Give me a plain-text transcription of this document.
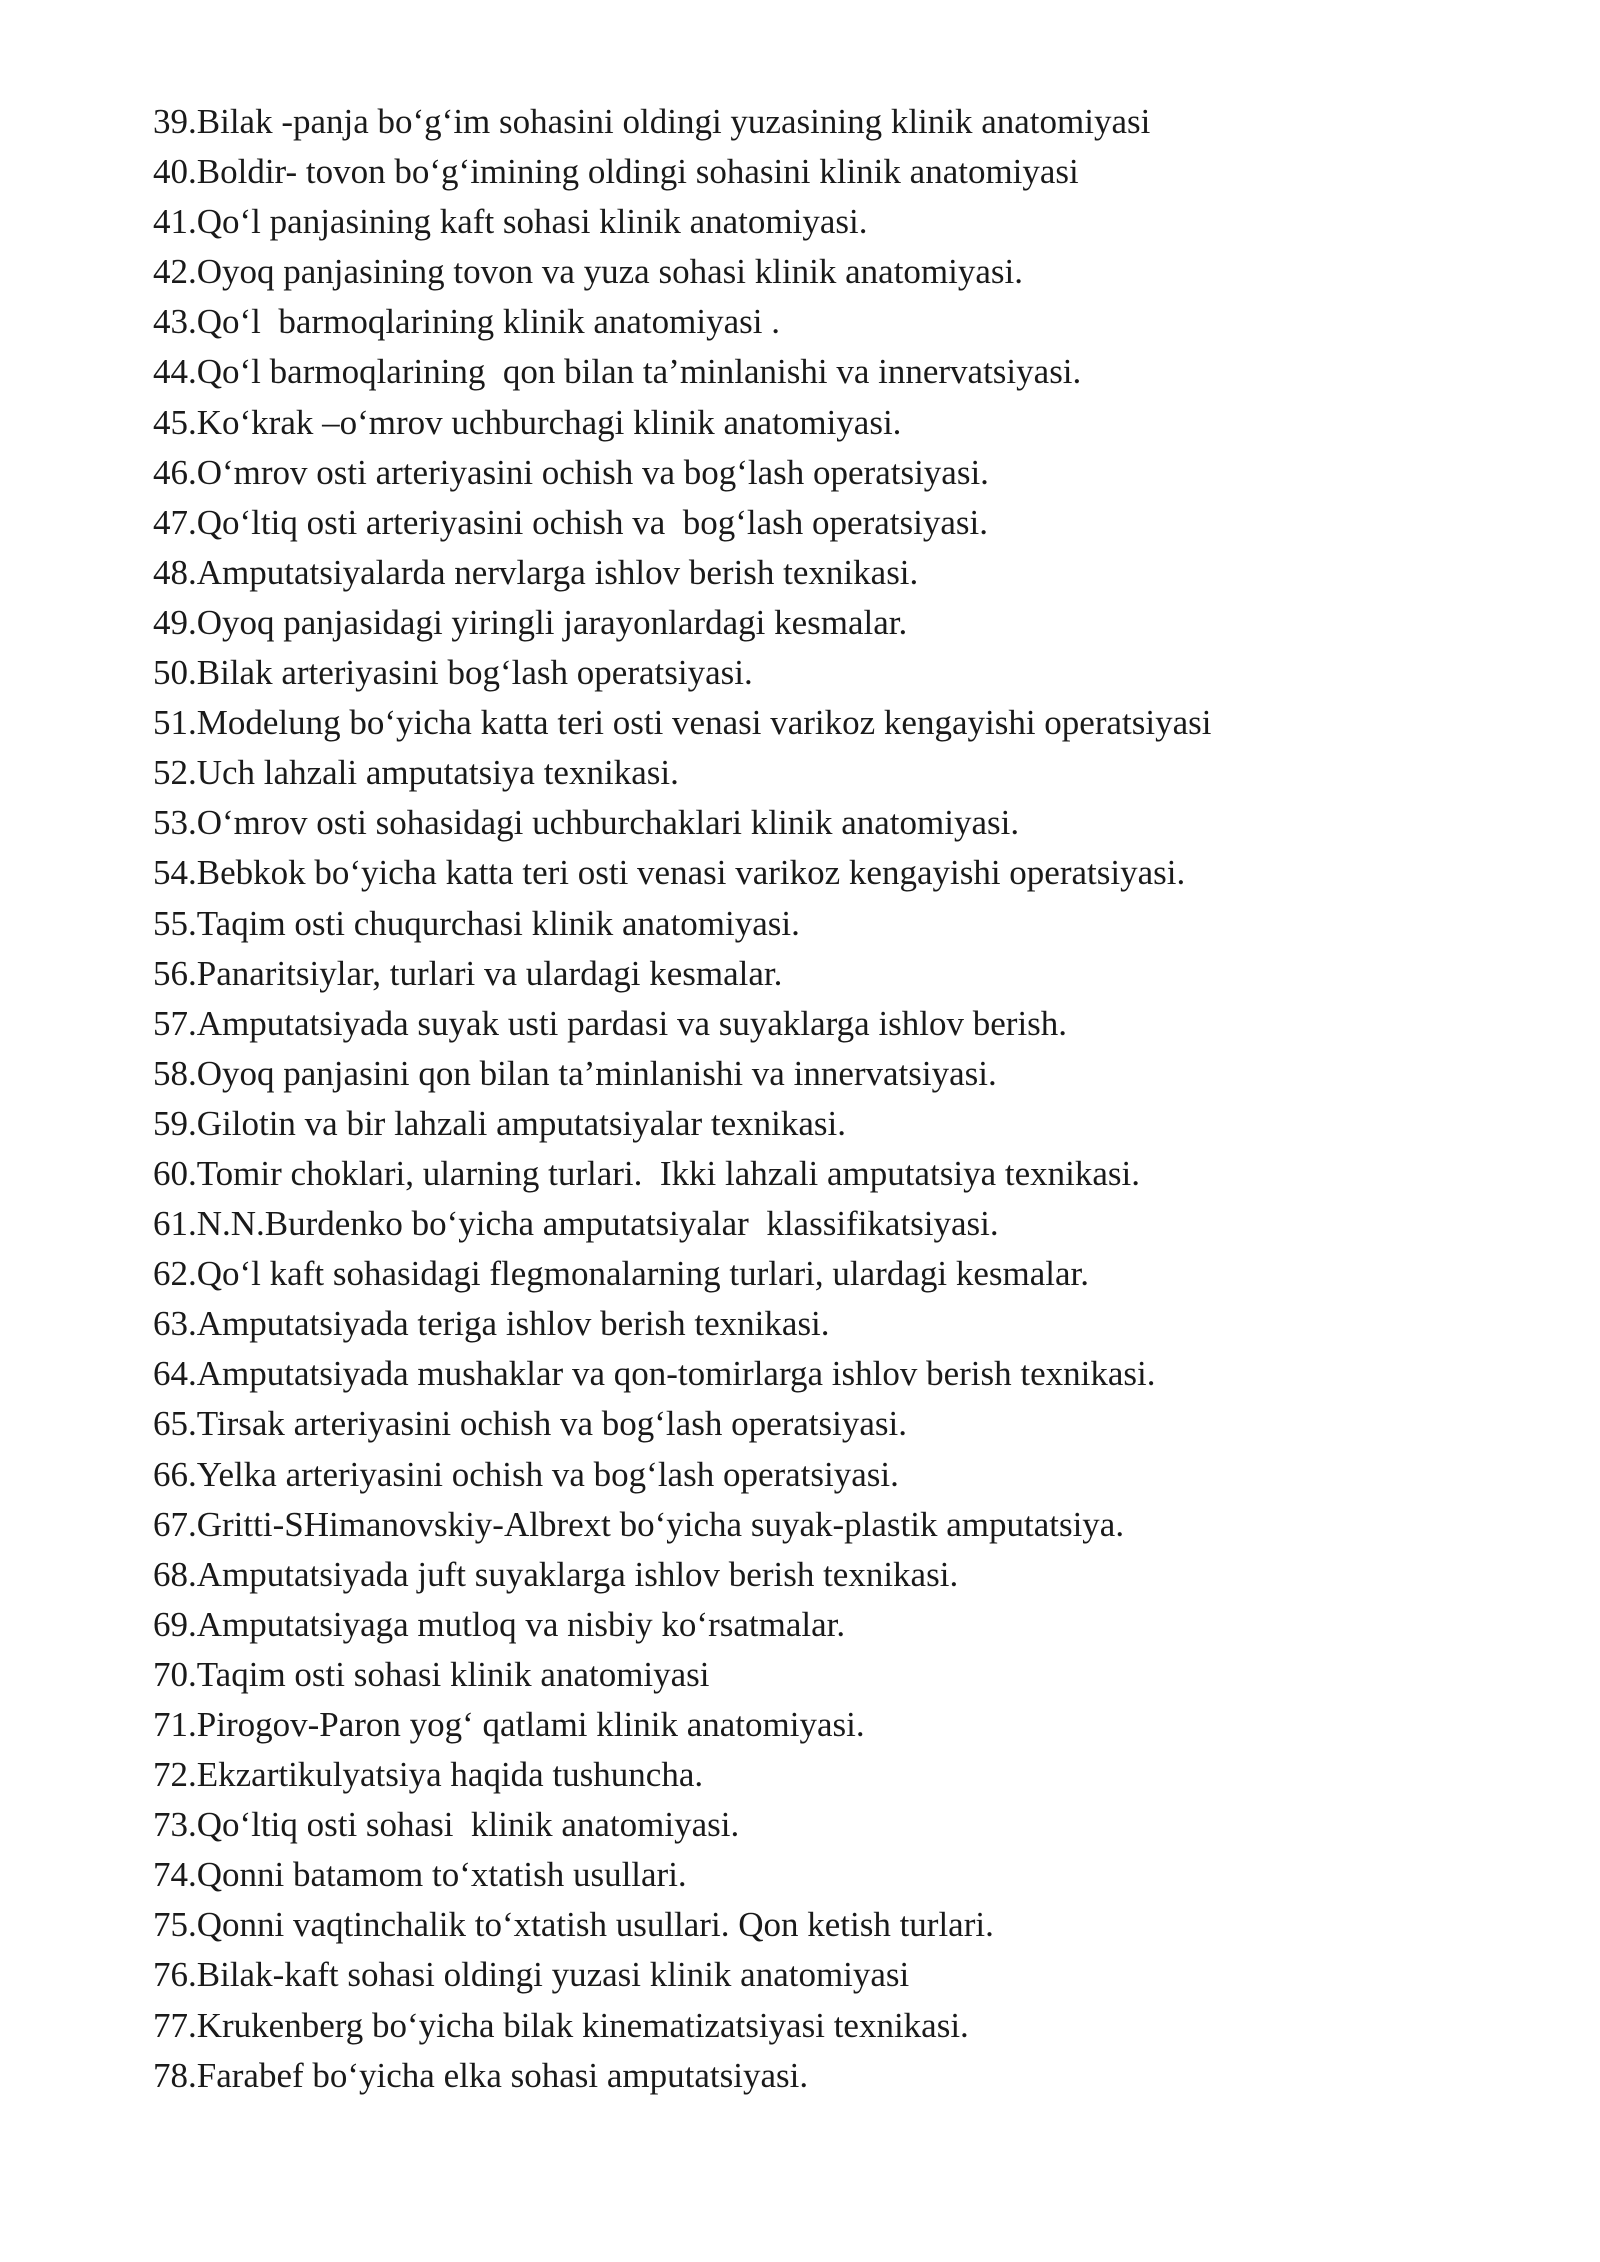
39.Bilak -panja bo‘g‘im sohasini oldingi yuzasining klinik anatomiyasi
40.Boldir- tovon bo‘g‘imining oldingi sohasini klinik anatomiyasi
41.Qo‘l panjasining kaft sohasi klinik anatomiyasi.
42.Oyoq panjasining tovon va yuza sohasi klinik anatomiyasi.
43.Qo‘l  barmoqlarining klinik anatomiyasi .
44.Qo‘l barmoqlarining  qon bilan ta’minlanishi va innervatsiyasi.
45.Ko‘krak –o‘mrov uchburchagi klinik anatomiyasi.
46.O‘mrov osti arteriyasini ochish va bog‘lash operatsiyasi.
47.Qo‘ltiq osti arteriyasini ochish va  bog‘lash operatsiyasi.
48.Amputatsiyalarda nervlarga ishlov berish texnikasi.
49.Oyoq panjasidagi yiringli jarayonlardagi kesmalar.
50.Bilak arteriyasini bog‘lash operatsiyasi.
51.Modelung bo‘yicha katta teri osti venasi varikoz kengayishi operatsiyasi
52.Uch lahzali amputatsiya texnikasi.
53.O‘mrov osti sohasidagi uchburchaklari klinik anatomiyasi.
54.Bebkok bo‘yicha katta teri osti venasi varikoz kengayishi operatsiyasi.
55.Taqim osti chuqurchasi klinik anatomiyasi.
56.Panaritsiylar, turlari va ulardagi kesmalar.
57.Amputatsiyada suyak usti pardasi va suyaklarga ishlov berish.
58.Oyoq panjasini qon bilan ta’minlanishi va innervatsiyasi.
59.Gilotin va bir lahzali amputatsiyalar texnikasi.
60.Tomir choklari, ularning turlari.  Ikki lahzali amputatsiya texnikasi.
61.N.N.Burdenko bo‘yicha amputatsiyalar  klassifikatsiyasi.
62.Qo‘l kaft sohasidagi flegmonalarning turlari, ulardagi kesmalar.
63.Amputatsiyada teriga ishlov berish texnikasi.
64.Amputatsiyada mushaklar va qon-tomirlarga ishlov berish texnikasi.
65.Tirsak arteriyasini ochish va bog‘lash operatsiyasi.
66.Yelka arteriyasini ochish va bog‘lash operatsiyasi.
67.Gritti-SHimanovskiy-Albrext bo‘yicha suyak-plastik amputatsiya.
68.Amputatsiyada juft suyaklarga ishlov berish texnikasi.
69.Amputatsiyaga mutloq va nisbiy ko‘rsatmalar.
70.Taqim osti sohasi klinik anatomiyasi
71.Pirogov-Paron yog‘ qatlami klinik anatomiyasi.
72.Ekzartikulyatsiya haqida tushuncha.
73.Qo‘ltiq osti sohasi  klinik anatomiyasi.
74.Qonni batamom to‘xtatish usullari.
75.Qonni vaqtinchalik to‘xtatish usullari. Qon ketish turlari.
76.Bilak-kaft sohasi oldingi yuzasi klinik anatomiyasi
77.Krukenberg bo‘yicha bilak kinematizatsiyasi texnikasi.
78.Farabef bo‘yicha elka sohasi amputatsiyasi.
